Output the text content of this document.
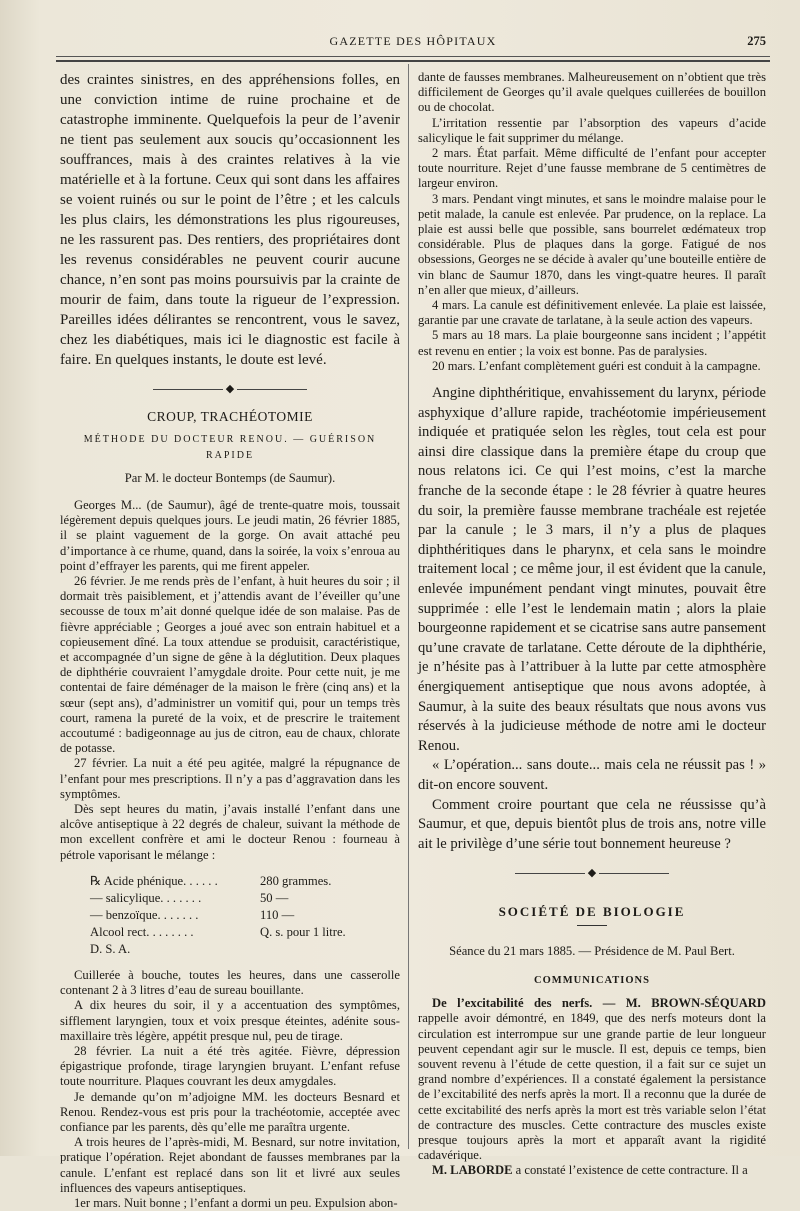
GAZETTE DES HÔPITAUX	275

des craintes sinistres, en des appréhensions folles, en une conviction intime de ruine prochaine et de catastrophe imminente. Quelquefois la peur de l’avenir ne tient pas seulement aux soucis qu’occasionnent les souffrances, mais à des craintes relatives à la vie matérielle et à la fortune. Ceux qui sont dans les affaires se voient ruinés ou sur le point de l’être ; et les calculs les plus clairs, les démonstrations les plus rigoureuses, ne les rassurent pas. Des rentiers, des propriétaires dont les revenus considérables ne peuvent courir aucune chance, n’en sont pas moins poursuivis par la crainte de mourir de faim, dans toute la rigueur de l’expression. Pareilles idées délirantes se rencontrent, vous le savez, chez les diabétiques, mais ici le diagnostic est facile à faire. En quelques instants, le doute est levé.

◆
CROUP, TRACHÉOTOMIE
MÉTHODE DU DOCTEUR RENOU. — GUÉRISON RAPIDE
Par M. le docteur Bontemps (de Saumur).

Georges M... (de Saumur), âgé de trente-quatre mois, toussait légèrement depuis quelques jours. Le jeudi matin, 26 février 1885, il se plaint vaguement de la gorge. On avait attaché peu d’importance à ce rhume, quand, dans la soirée, la voix s’enroua au point d’effrayer les parents, qui me firent appeler.

26 février. Je me rends près de l’enfant, à huit heures du soir ; il dormait très paisiblement, et j’attendis avant de l’éveiller qu’une secousse de toux m’ait donné quelque idée de son malaise. Pas de fièvre appréciable ; Georges a joué avec son entrain habituel et a copieusement dîné. La toux attendue se produisit, caractéristique, et accompagnée d’un signe de gêne à la déglutition. Deux plaques de diphthérie couvraient l’amygdale droite. Pour cette nuit, je me contentai de faire déménager de la maison le frère (cinq ans) et la sœur (sept ans), d’administrer un vomitif qui, pour un temps très court, ramena la pureté de la voix, et de prescrire le traitement accoutumé : badigeonnage au jus de citron, eau de chaux, chlorate de potasse.

27 février. La nuit a été peu agitée, malgré la répugnance de l’enfant pour mes prescriptions. Il n’y a pas d’aggravation dans les symptômes.

Dès sept heures du matin, j’avais installé l’enfant dans une alcôve antiseptique à 22 degrés de chaleur, suivant la méthode de mon excellent confrère et ami le docteur Renou : fourneau à pétrole vaporisant le mélange :

℞ Acide phénique. . . . . .	280 grammes.
— salicylique. . . . . . .	50 —
— benzoïque. . . . . . .	110 —
Alcool rect. . . . . . . .	Q. s. pour 1 litre.
D. S. A.

Cuillerée à bouche, toutes les heures, dans une casserolle contenant 2 à 3 litres d’eau de sureau bouillante.

A dix heures du soir, il y a accentuation des symptômes, sifflement laryngien, toux et voix presque éteintes, adénite sous-maxillaire très légère, appétit presque nul, peu de tirage.

28 février. La nuit a été très agitée. Fièvre, dépression épigastrique profonde, tirage laryngien bruyant. L’enfant refuse toute nourriture. Plaques couvrant les deux amygdales.

Je demande qu’on m’adjoigne MM. les docteurs Besnard et Renou. Rendez-vous est pris pour la trachéotomie, acceptée avec confiance par les parents, dès qu’elle me paraîtra urgente.

A trois heures de l’après-midi, M. Besnard, sur notre invitation, pratique l’opération. Rejet abondant de fausses membranes par la canule. L’enfant est replacé dans son lit et livré aux seules influences des vapeurs antiseptiques.

1er mars. Nuit bonne ; l’enfant a dormi un peu. Expulsion abon-

dante de fausses membranes. Malheureusement on n’obtient que très difficilement de Georges qu’il avale quelques cuillerées de bouillon ou de chocolat.

L’irritation ressentie par l’absorption des vapeurs d’acide salicylique le fait supprimer du mélange.

2 mars. État parfait. Même difficulté de l’enfant pour accepter toute nourriture. Rejet d’une fausse membrane de 5 centimètres de largeur environ.

3 mars. Pendant vingt minutes, et sans le moindre malaise pour le petit malade, la canule est enlevée. Par prudence, on la replace. La plaie est aussi belle que possible, sans bourrelet œdémateux trop considérable. Plus de plaques dans la gorge. Fatigué de nos obsessions, Georges ne se décide à avaler qu’une bouteille entière de vin blanc de Saumur 1870, dans les vingt-quatre heures. Il paraît n’en aller que mieux, d’ailleurs.

4 mars. La canule est définitivement enlevée. La plaie est laissée, garantie par une cravate de tarlatane, à la seule action des vapeurs.

5 mars au 18 mars. La plaie bourgeonne sans incident ; l’appétit est revenu en entier ; la voix est bonne. Pas de paralysies.

20 mars. L’enfant complètement guéri est conduit à la campagne.

Angine diphthéritique, envahissement du larynx, période asphyxique d’allure rapide, trachéotomie impérieusement indiquée et pratiquée selon les règles, tout cela est pour ainsi dire classique dans la première étape du croup que nous relatons ici. Ce qui l’est moins, c’est la marche franche de la seconde étape : le 28 février à quatre heures du soir, la première fausse membrane trachéale est rejetée par la canule ; le 3 mars, il n’y a plus de plaques diphthéritiques dans le pharynx, et cela sans le moindre traitement local ; ce même jour, il est évident que la canule, enlevée impunément pendant vingt minutes, pouvait être supprimée : elle l’est le lendemain matin ; alors la plaie bourgeonne rapidement et se cicatrise sans autre pansement qu’une cravate de tarlatane. Cette déroute de la diphthérie, je n’hésite pas à l’attribuer à la lutte par cette atmosphère énergiquement antiseptique que nous avons adoptée, à Saumur, à la suite des beaux résultats que nous avons vus réservés à la judicieuse méthode de notre ami le docteur Renou.

« L’opération... sans doute... mais cela ne réussit pas ! » dit-on encore souvent.

Comment croire pourtant que cela ne réussisse qu’à Saumur, et que, depuis bientôt plus de trois ans, notre ville ait le privilège d’une série tout bonnement heureuse ?

◆
SOCIÉTÉ DE BIOLOGIE
Séance du 21 mars 1885. — Présidence de M. Paul Bert.
COMMUNICATIONS

De l’excitabilité des nerfs. — M. BROWN-SÉQUARD rappelle avoir démontré, en 1849, que des nerfs moteurs dont la circulation est interrompue sur une grande partie de leur longueur peuvent cependant agir sur le muscle. Il est, depuis ce temps, bien souvent revenu à l’étude de cette question, il a fait sur ce sujet un grand nombre d’expériences. Il a constaté également la persistance de l’excitabilité des nerfs après la mort. Il a reconnu que la durée de cette excitabilité des nerfs après la mort est très variable selon l’état de contracture des muscles. Cette contracture des muscles existe presque toujours après la mort et apparaît avant la rigidité cadavérique.

M. LABORDE a constaté l’existence de cette contracture. Il a
